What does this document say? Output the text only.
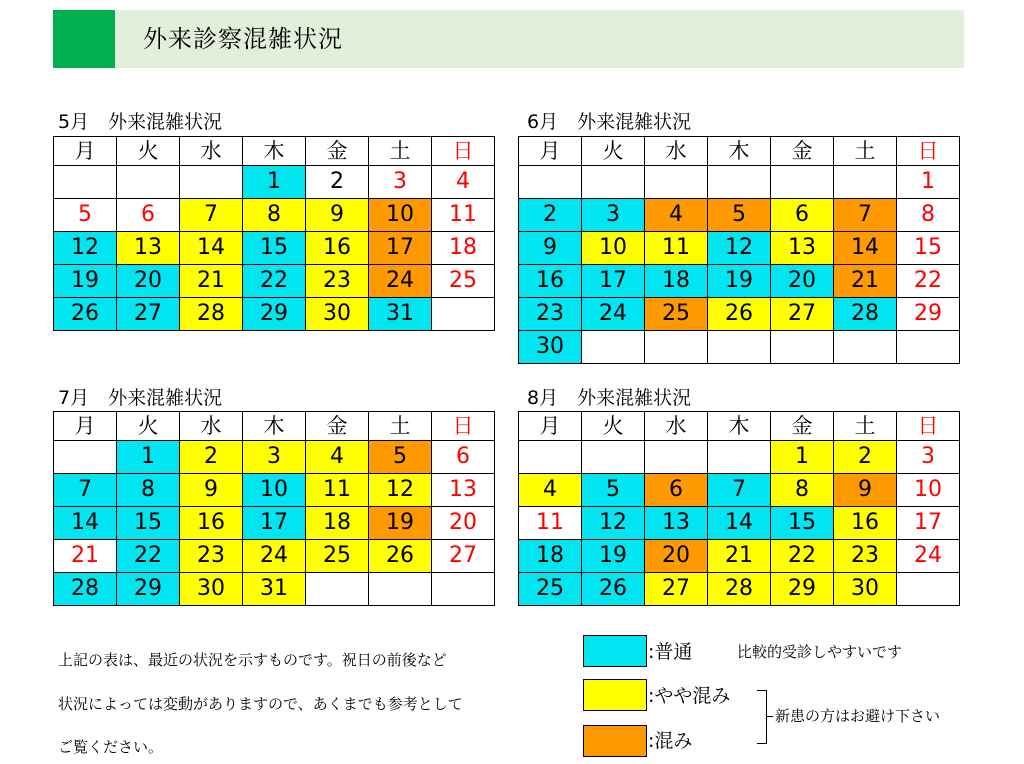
外来診察混雑状況
5月　外来混雑状況
月	火	水	木	金	土	日
			1	2	3	4
5	6	7	8	9	10	11
12	13	14	15	16	17	18
19	20	21	22	23	24	25
26	27	28	29	30	31	
6月　外来混雑状況
月	火	水	木	金	土	日
						1
2	3	4	5	6	7	8
9	10	11	12	13	14	15
16	17	18	19	20	21	22
23	24	25	26	27	28	29
30						
7月　外来混雑状況
月	火	水	木	金	土	日
	1	2	3	4	5	6
7	8	9	10	11	12	13
14	15	16	17	18	19	20
21	22	23	24	25	26	27
28	29	30	31			
8月　外来混雑状況
月	火	水	木	金	土	日
				1	2	3
4	5	6	7	8	9	10
11	12	13	14	15	16	17
18	19	20	21	22	23	24
25	26	27	28	29	30	
上記の表は、最近の状況を示すものです。祝日の前後など
状況によっては変動がありますので、あくまでも参考として
ご覧ください。
:普通	比較的受診しやすいです
:やや混み
:混み
新患の方はお避け下さい
